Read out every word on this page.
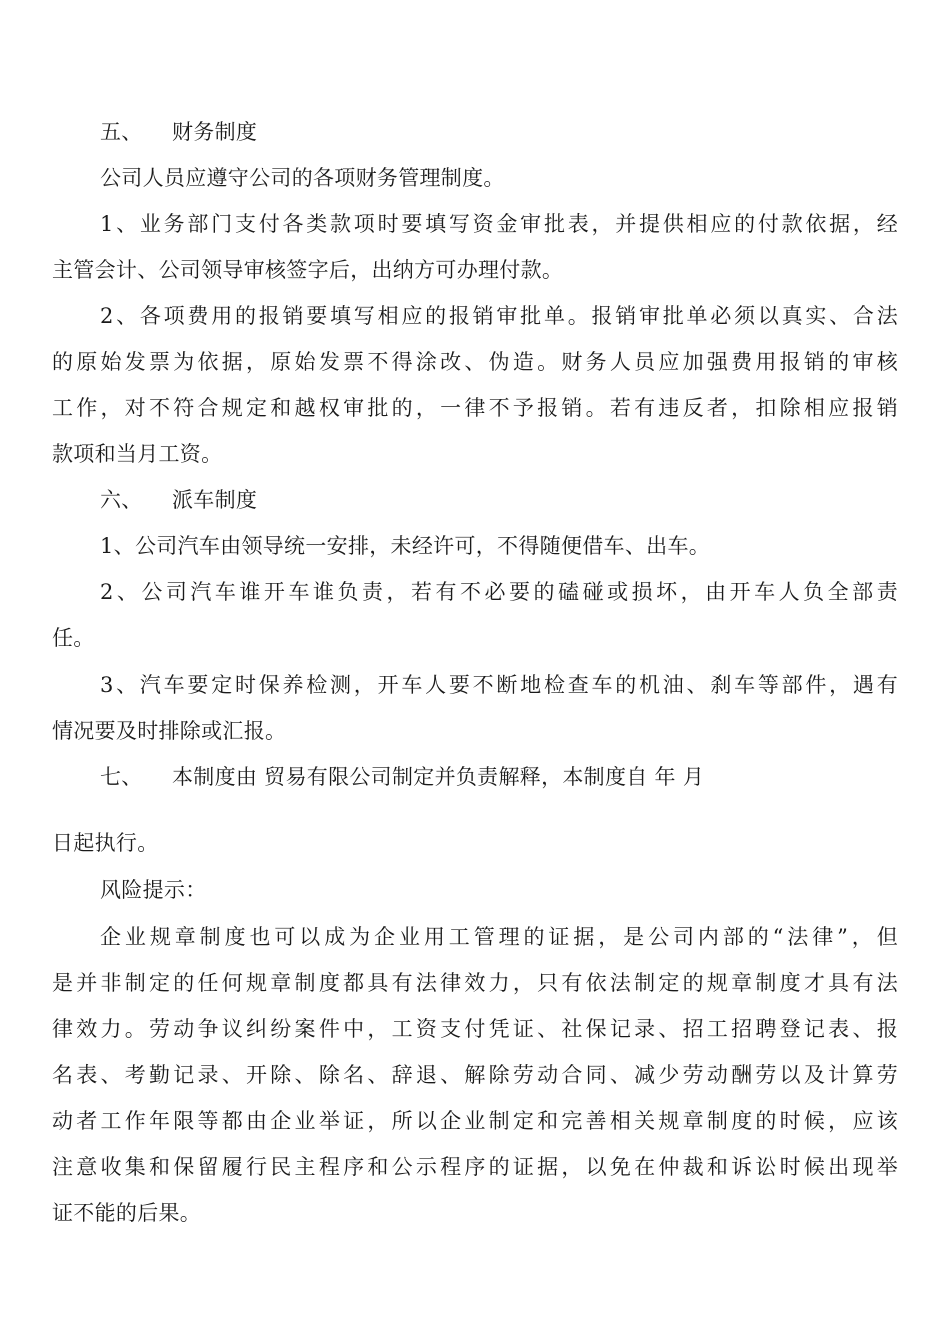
五、 财务制度
公司人员应遵守公司的各项财务管理制度。
1、业务部门支付各类款项时要填写资金审批表，并提供相应的付款依据，经
主管会计、公司领导审核签字后，出纳方可办理付款。
2、各项费用的报销要填写相应的报销审批单。报销审批单必须以真实、合法
的原始发票为依据，原始发票不得涂改、伪造。财务人员应加强费用报销的审核
工作，对不符合规定和越权审批的，一律不予报销。若有违反者，扣除相应报销
款项和当月工资。
六、 派车制度
1、公司汽车由领导统一安排，未经许可，不得随便借车、出车。
2、公司汽车谁开车谁负责，若有不必要的磕碰或损坏，由开车人负全部责
任。
3、汽车要定时保养检测，开车人要不断地检查车的机油、刹车等部件，遇有
情况要及时排除或汇报。
七、 本制度由 贸易有限公司制定并负责解释，本制度自 年 月
日起执行。
风险提示：
企业规章制度也可以成为企业用工管理的证据，是公司内部的“法律”，但
是并非制定的任何规章制度都具有法律效力，只有依法制定的规章制度才具有法
律效力。劳动争议纠纷案件中，工资支付凭证、社保记录、招工招聘登记表、报
名表、考勤记录、开除、除名、辞退、解除劳动合同、减少劳动酬劳以及计算劳
动者工作年限等都由企业举证，所以企业制定和完善相关规章制度的时候，应该
注意收集和保留履行民主程序和公示程序的证据，以免在仲裁和诉讼时候出现举
证不能的后果。
